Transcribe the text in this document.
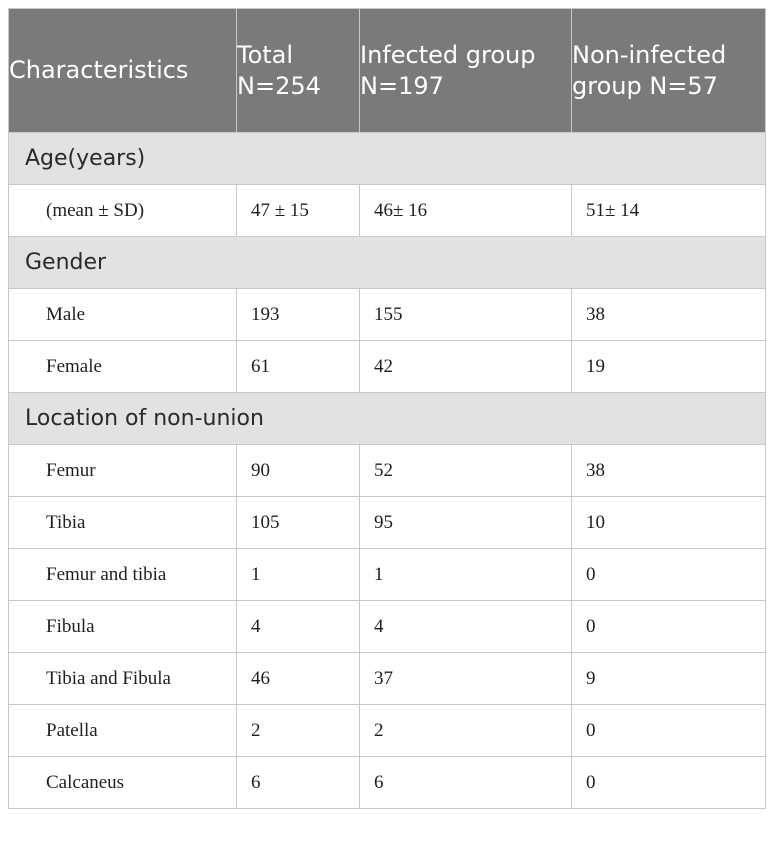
Characteristics	Total N=254	Infected group N=197	Non-infected group N=57
Age(years)			
(mean ± SD)	47 ± 15	46± 16	51± 14
Gender			
Male	193	155	38
Female	61	42	19
Location of non-union			
Femur	90	52	38
Tibia	105	95	10
Femur and tibia	1	1	0
Fibula	4	4	0
Tibia and Fibula	46	37	9
Patella	2	2	0
Calcaneus	6	6	0
